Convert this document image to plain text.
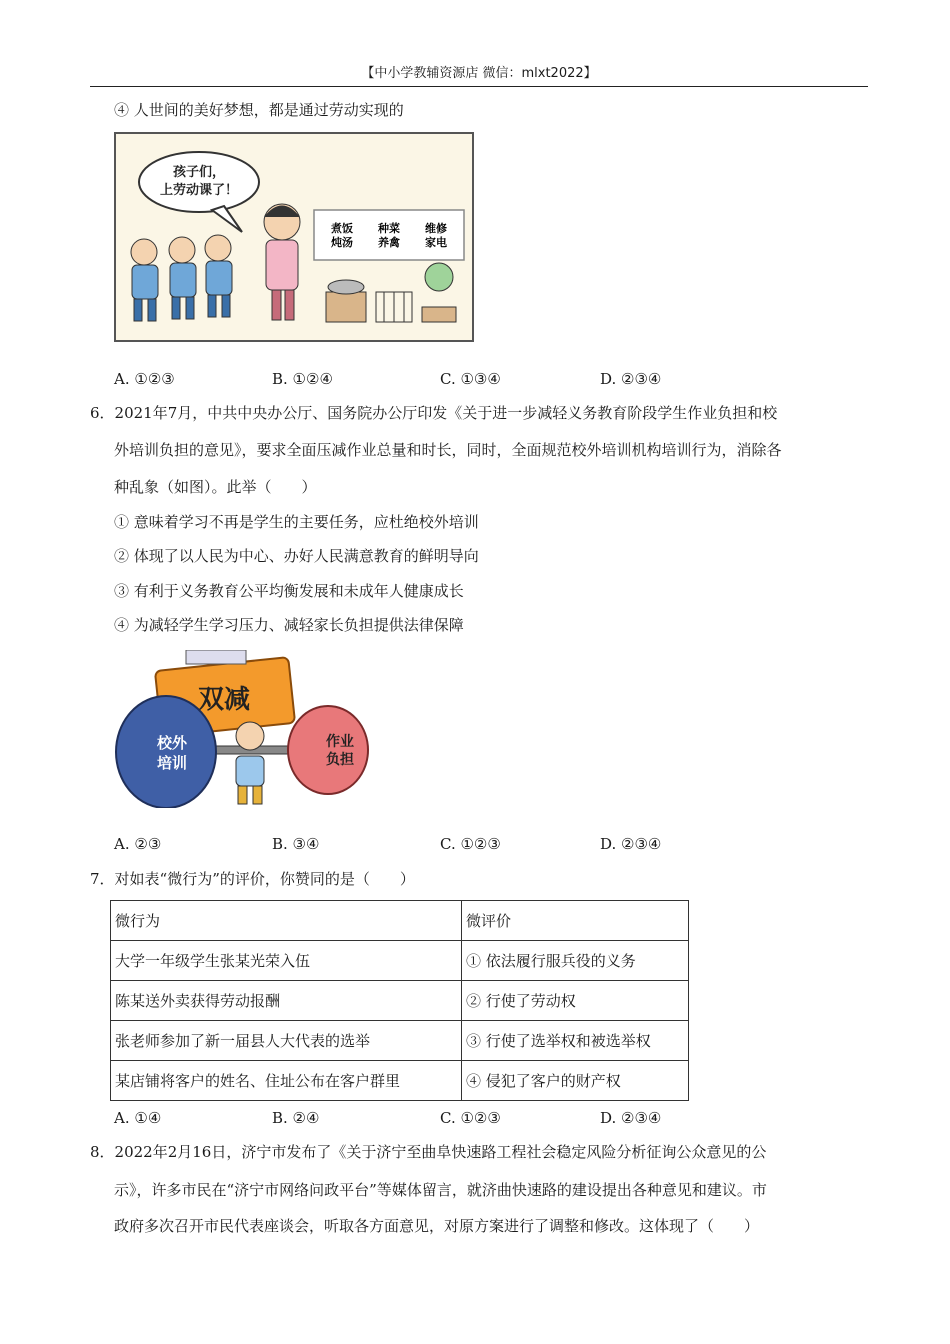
【中小学教辅资源店 微信：mlxt2022】
④ 人世间的美好梦想，都是通过劳动实现的
孩子们，
上劳动课了！
煮饭
炖汤
种菜
养禽
维修
家电
A. ①②③	B. ①②④	C. ①③④	D. ②③④
6．2021年7月，中共中央办公厅、国务院办公厅印发《关于进一步减轻义务教育阶段学生作业负担和校
外培训负担的意见》，要求全面压减作业总量和时长，同时，全面规范校外培训机构培训行为，消除各
种乱象（如图）。此举（　　）
① 意味着学习不再是学生的主要任务，应杜绝校外培训
② 体现了以人民为中心、办好人民满意教育的鲜明导向
③ 有利于义务教育公平均衡发展和未成年人健康成长
④ 为减轻学生学习压力、减轻家长负担提供法律保障
双减
校外
培训
作业
负担
A. ②③	B. ③④	C. ①②③	D. ②③④
7．对如表“微行为”的评价，你赞同的是（　　）
微行为	微评价
大学一年级学生张某光荣入伍	① 依法履行服兵役的义务
陈某送外卖获得劳动报酬	② 行使了劳动权
张老师参加了新一届县人大代表的选举	③ 行使了选举权和被选举权
某店铺将客户的姓名、住址公布在客户群里	④ 侵犯了客户的财产权
A. ①④	B. ②④	C. ①②③	D. ②③④
8．2022年2月16日，济宁市发布了《关于济宁至曲阜快速路工程社会稳定风险分析征询公众意见的公
示》，许多市民在“济宁市网络问政平台”等媒体留言，就济曲快速路的建设提出各种意见和建议。市
政府多次召开市民代表座谈会，听取各方面意见，对原方案进行了调整和修改。这体现了（　　）
